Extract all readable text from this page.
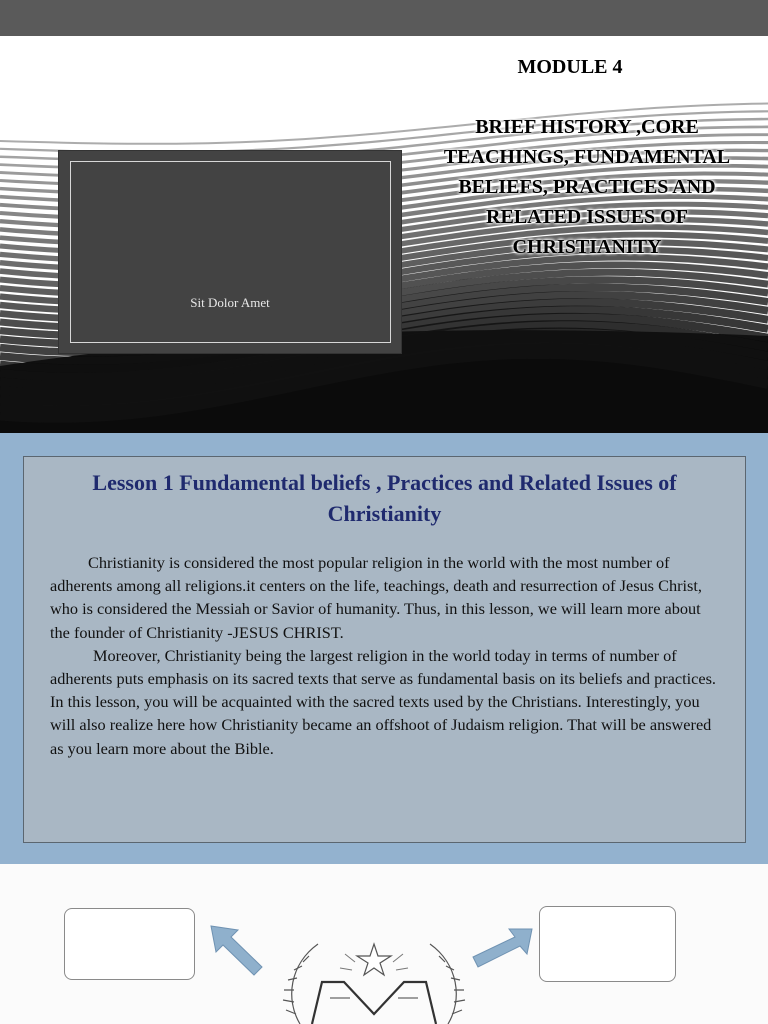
Sit Dolor Amet
MODULE 4
BRIEF HISTORY ,CORE
TEACHINGS, FUNDAMENTAL
BELIEFS, PRACTICES AND
RELATED ISSUES OF
CHRISTIANITY
Lesson 1 Fundamental beliefs , Practices and Related Issues of Christianity

Christianity is considered the most popular religion in the world with the most number of adherents among all religions.it centers on the life, teachings, death and resurrection of Jesus Christ, who is considered the Messiah or Savior of humanity. Thus, in this lesson, we will learn more about the founder of Christianity -JESUS CHRIST.

Moreover, Christianity being the largest religion in the world today in terms of number of adherents puts emphasis on its sacred texts that serve as fundamental basis on its beliefs and practices. In this lesson, you will be acquainted with the sacred texts used by the Christians. Interestingly, you will also realize here how Christianity became an offshoot of Judaism religion. That will be answered as you learn more about the Bible.
